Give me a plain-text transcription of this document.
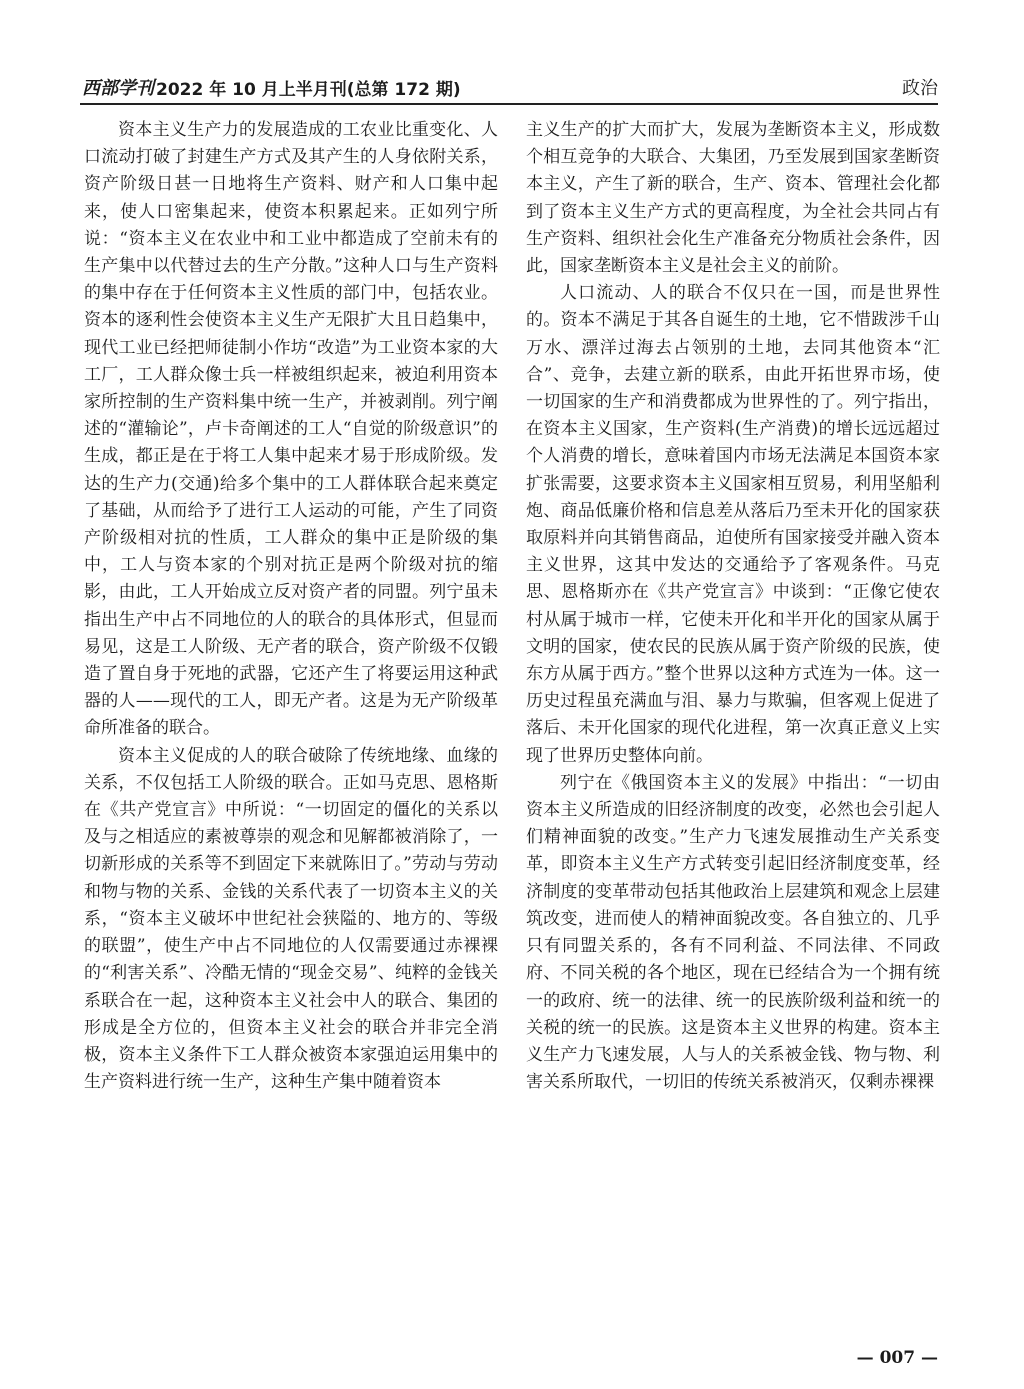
西部学刊 2022 年 10 月上半月刊(总第 172 期)	政治

资本主义生产力的发展造成的工农业比重变化、人口流动打破了封建生产方式及其产生的人身依附关系，资产阶级日甚一日地将生产资料、财产和人口集中起来，使人口密集起来，使资本积累起来。正如列宁所说：“资本主义在农业中和工业中都造成了空前未有的生产集中以代替过去的生产分散。”这种人口与生产资料的集中存在于任何资本主义性质的部门中，包括农业。资本的逐利性会使资本主义生产无限扩大且日趋集中，现代工业已经把师徒制小作坊“改造”为工业资本家的大工厂，工人群众像士兵一样被组织起来，被迫利用资本家所控制的生产资料集中统一生产，并被剥削。列宁阐述的“灌输论”，卢卡奇阐述的工人“自觉的阶级意识”的生成，都正是在于将工人集中起来才易于形成阶级。发达的生产力(交通)给多个集中的工人群体联合起来奠定了基础，从而给予了进行工人运动的可能，产生了同资产阶级相对抗的性质，工人群众的集中正是阶级的集中，工人与资本家的个别对抗正是两个阶级对抗的缩影，由此，工人开始成立反对资产者的同盟。列宁虽未指出生产中占不同地位的人的联合的具体形式，但显而易见，这是工人阶级、无产者的联合，资产阶级不仅锻造了置自身于死地的武器，它还产生了将要运用这种武器的人——现代的工人，即无产者。这是为无产阶级革命所准备的联合。

资本主义促成的人的联合破除了传统地缘、血缘的关系，不仅包括工人阶级的联合。正如马克思、恩格斯在《共产党宣言》中所说：“一切固定的僵化的关系以及与之相适应的素被尊崇的观念和见解都被消除了，一切新形成的关系等不到固定下来就陈旧了。”劳动与劳动和物与物的关系、金钱的关系代表了一切资本主义的关系，“资本主义破坏中世纪社会狭隘的、地方的、等级的联盟”，使生产中占不同地位的人仅需要通过赤裸裸的“利害关系”、冷酷无情的“现金交易”、纯粹的金钱关系联合在一起，这种资本主义社会中人的联合、集团的形成是全方位的，但资本主义社会的联合并非完全消极，资本主义条件下工人群众被资本家强迫运用集中的生产资料进行统一生产，这种生产集中随着资本

主义生产的扩大而扩大，发展为垄断资本主义，形成数个相互竞争的大联合、大集团，乃至发展到国家垄断资本主义，产生了新的联合，生产、资本、管理社会化都到了资本主义生产方式的更高程度，为全社会共同占有生产资料、组织社会化生产准备充分物质社会条件，因此，国家垄断资本主义是社会主义的前阶。

人口流动、人的联合不仅只在一国，而是世界性的。资本不满足于其各自诞生的土地，它不惜跋涉千山万水、漂洋过海去占领别的土地，去同其他资本“汇合”、竞争，去建立新的联系，由此开拓世界市场，使一切国家的生产和消费都成为世界性的了。列宁指出，在资本主义国家，生产资料(生产消费)的增长远远超过个人消费的增长，意味着国内市场无法满足本国资本家扩张需要，这要求资本主义国家相互贸易，利用坚船利炮、商品低廉价格和信息差从落后乃至未开化的国家获取原料并向其销售商品，迫使所有国家接受并融入资本主义世界，这其中发达的交通给予了客观条件。马克思、恩格斯亦在《共产党宣言》中谈到：“正像它使农村从属于城市一样，它使未开化和半开化的国家从属于文明的国家，使农民的民族从属于资产阶级的民族，使东方从属于西方。”整个世界以这种方式连为一体。这一历史过程虽充满血与泪、暴力与欺骗，但客观上促进了落后、未开化国家的现代化进程，第一次真正意义上实现了世界历史整体向前。

列宁在《俄国资本主义的发展》中指出：“一切由资本主义所造成的旧经济制度的改变，必然也会引起人们精神面貌的改变。”生产力飞速发展推动生产关系变革，即资本主义生产方式转变引起旧经济制度变革，经济制度的变革带动包括其他政治上层建筑和观念上层建筑改变，进而使人的精神面貌改变。各自独立的、几乎只有同盟关系的，各有不同利益、不同法律、不同政府、不同关税的各个地区，现在已经结合为一个拥有统一的政府、统一的法律、统一的民族阶级利益和统一的关税的统一的民族。这是资本主义世界的构建。资本主义生产力飞速发展，人与人的关系被金钱、物与物、利害关系所取代，一切旧的传统关系被消灭，仅剩赤裸裸

— 007 —
